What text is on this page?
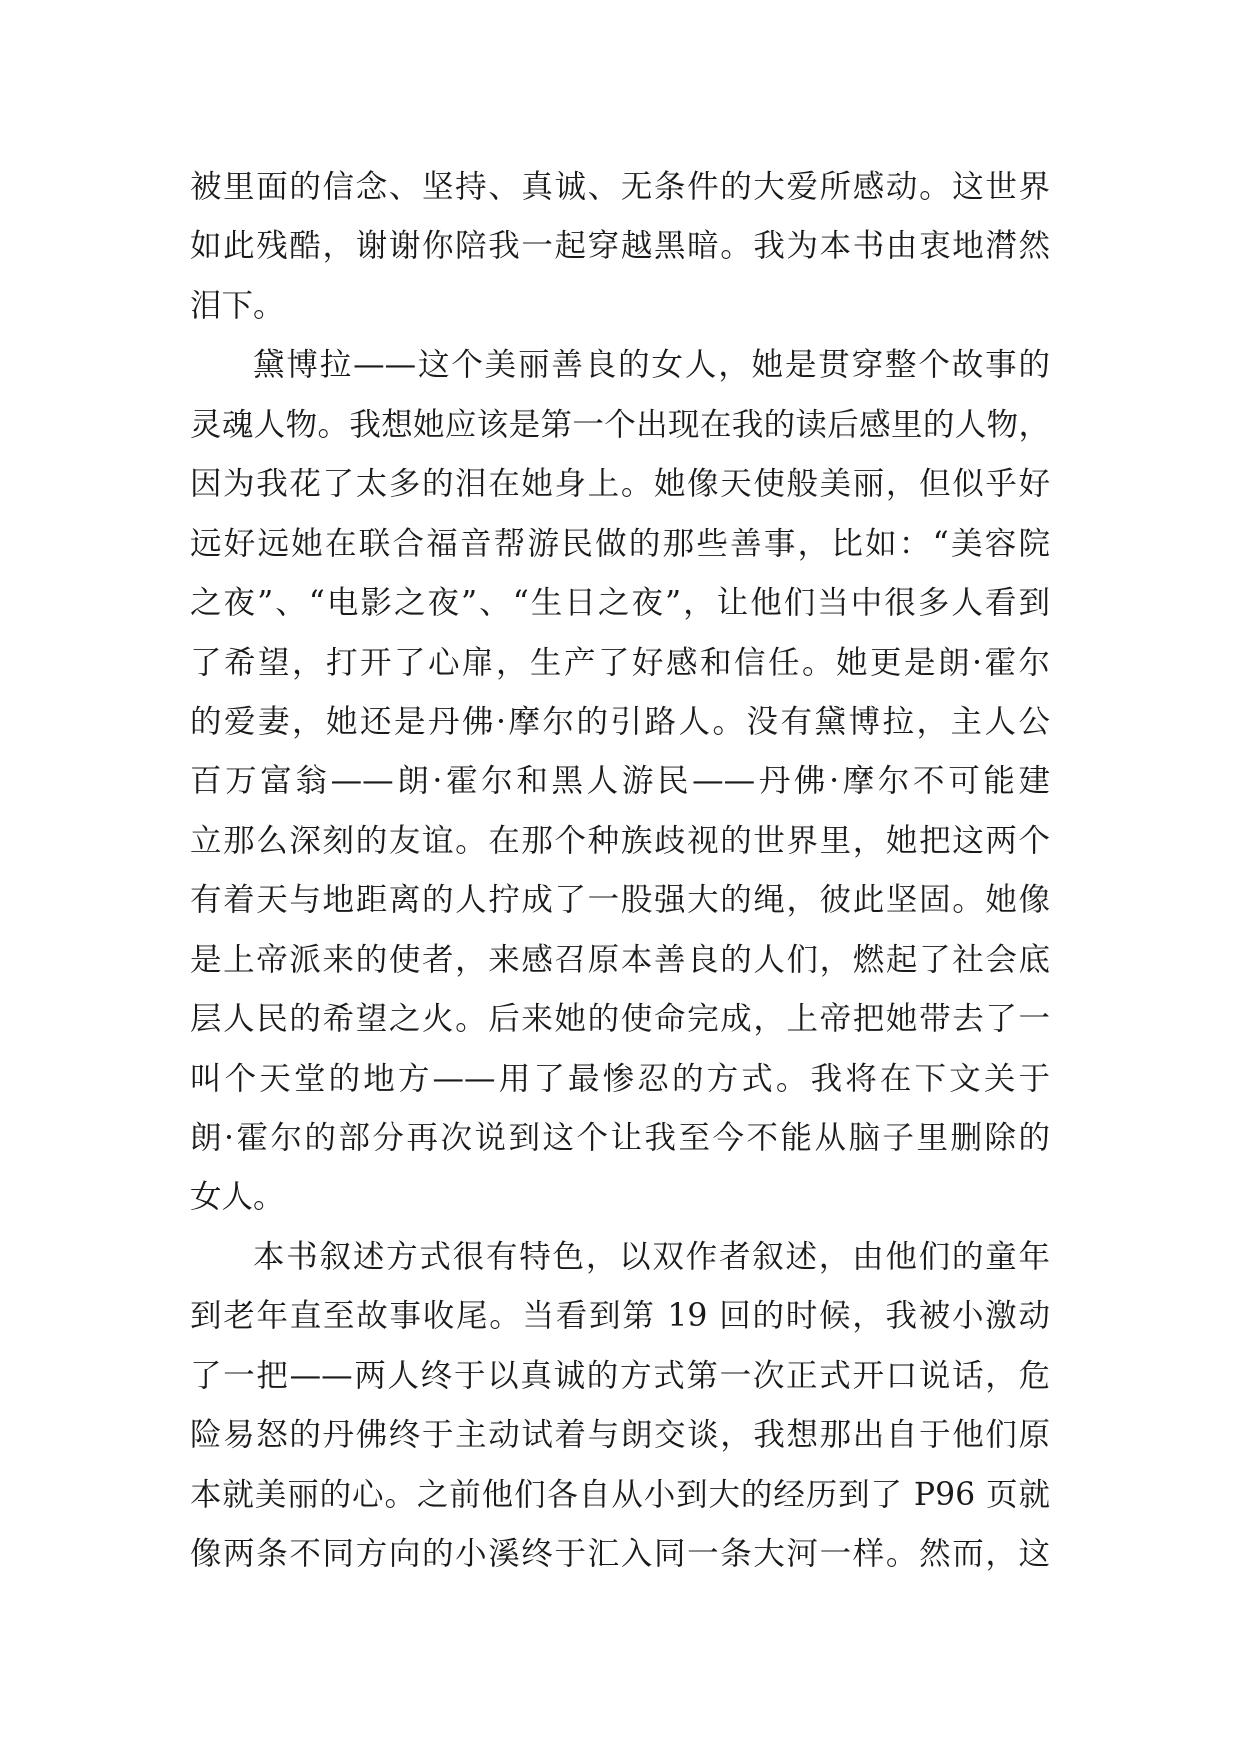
被里面的信念、坚持、真诚、无条件的大爱所感动。这世界
如此残酷，谢谢你陪我一起穿越黑暗。我为本书由衷地潸然
泪下。
黛博拉——这个美丽善良的女人，她是贯穿整个故事的
灵魂人物。我想她应该是第一个出现在我的读后感里的人物，
因为我花了太多的泪在她身上。她像天使般美丽，但似乎好
远好远她在联合福音帮游民做的那些善事，比如：“美容院
之夜”、“电影之夜”、“生日之夜”，让他们当中很多人看到
了希望，打开了心扉，生产了好感和信任。她更是朗·霍尔
的爱妻，她还是丹佛·摩尔的引路人。没有黛博拉，主人公
百万富翁——朗·霍尔和黑人游民——丹佛·摩尔不可能建
立那么深刻的友谊。在那个种族歧视的世界里，她把这两个
有着天与地距离的人拧成了一股强大的绳，彼此坚固。她像
是上帝派来的使者，来感召原本善良的人们，燃起了社会底
层人民的希望之火。后来她的使命完成，上帝把她带去了一
叫个天堂的地方——用了最惨忍的方式。我将在下文关于
朗·霍尔的部分再次说到这个让我至今不能从脑子里删除的
女人。
本书叙述方式很有特色，以双作者叙述，由他们的童年
到老年直至故事收尾。当看到第 19 回的时候，我被小激动
了一把——两人终于以真诚的方式第一次正式开口说话，危
险易怒的丹佛终于主动试着与朗交谈，我想那出自于他们原
本就美丽的心。之前他们各自从小到大的经历到了 P96 页就
像两条不同方向的小溪终于汇入同一条大河一样。然而，这
